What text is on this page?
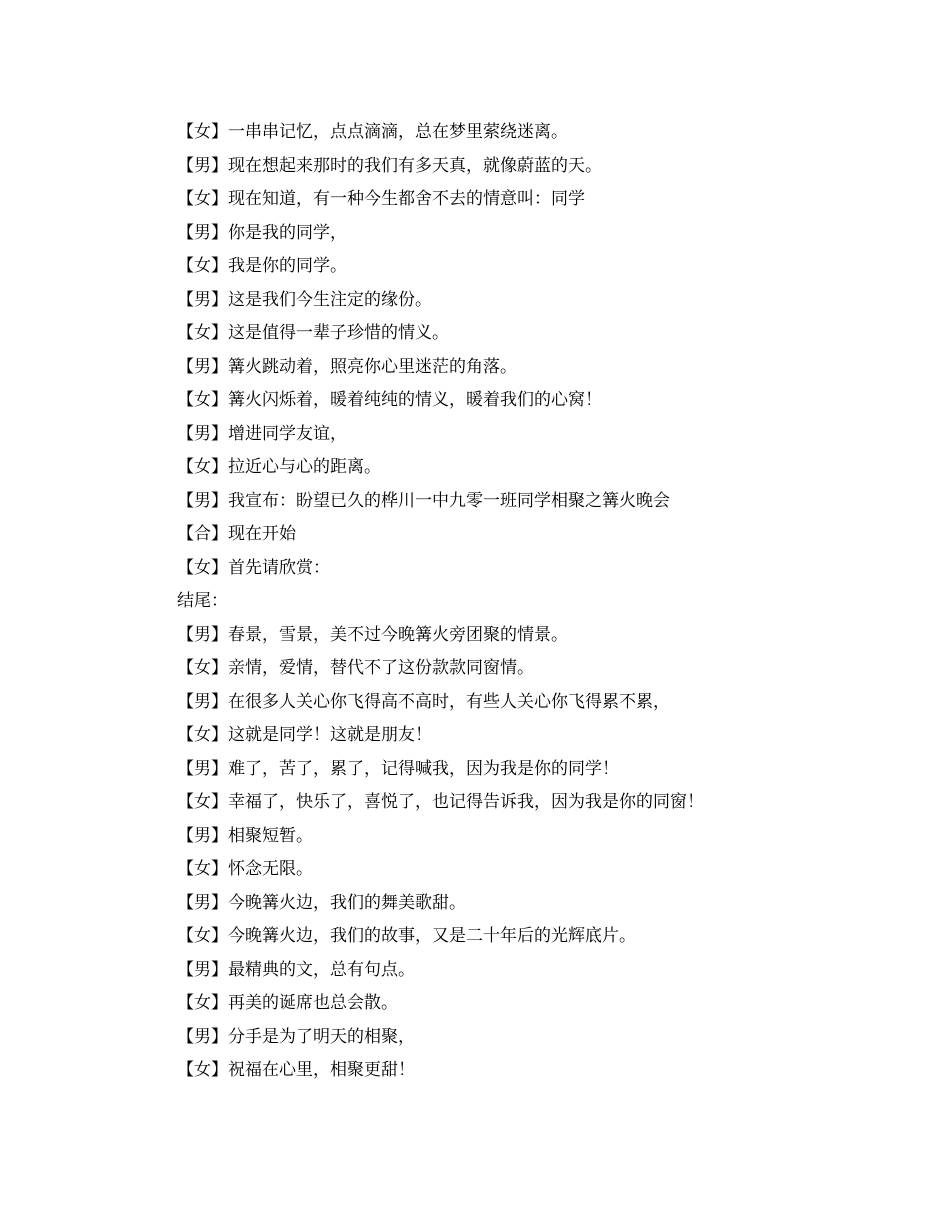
【女】一串串记忆，点点滴滴，总在梦里萦绕迷离。
【男】现在想起来那时的我们有多天真，就像蔚蓝的天。
【女】现在知道，有一种今生都舍不去的情意叫：同学
【男】你是我的同学，
【女】我是你的同学。
【男】这是我们今生注定的缘份。
【女】这是值得一辈子珍惜的情义。
【男】篝火跳动着，照亮你心里迷茫的角落。
【女】篝火闪烁着，暖着纯纯的情义，暖着我们的心窝！
【男】增进同学友谊，
【女】拉近心与心的距离。
【男】我宣布：盼望已久的桦川一中九零一班同学相聚之篝火晚会
【合】现在开始
【女】首先请欣赏：
结尾：
【男】春景，雪景，美不过今晚篝火旁团聚的情景。
【女】亲情，爱情，替代不了这份款款同窗情。
【男】在很多人关心你飞得高不高时，有些人关心你飞得累不累，
【女】这就是同学！这就是朋友！
【男】难了，苦了，累了，记得喊我，因为我是你的同学！
【女】幸福了，快乐了，喜悦了，也记得告诉我，因为我是你的同窗！
【男】相聚短暂。
【女】怀念无限。
【男】今晚篝火边，我们的舞美歌甜。
【女】今晚篝火边，我们的故事，又是二十年后的光辉底片。
【男】最精典的文，总有句点。
【女】再美的诞席也总会散。
【男】分手是为了明天的相聚，
【女】祝福在心里，相聚更甜！
